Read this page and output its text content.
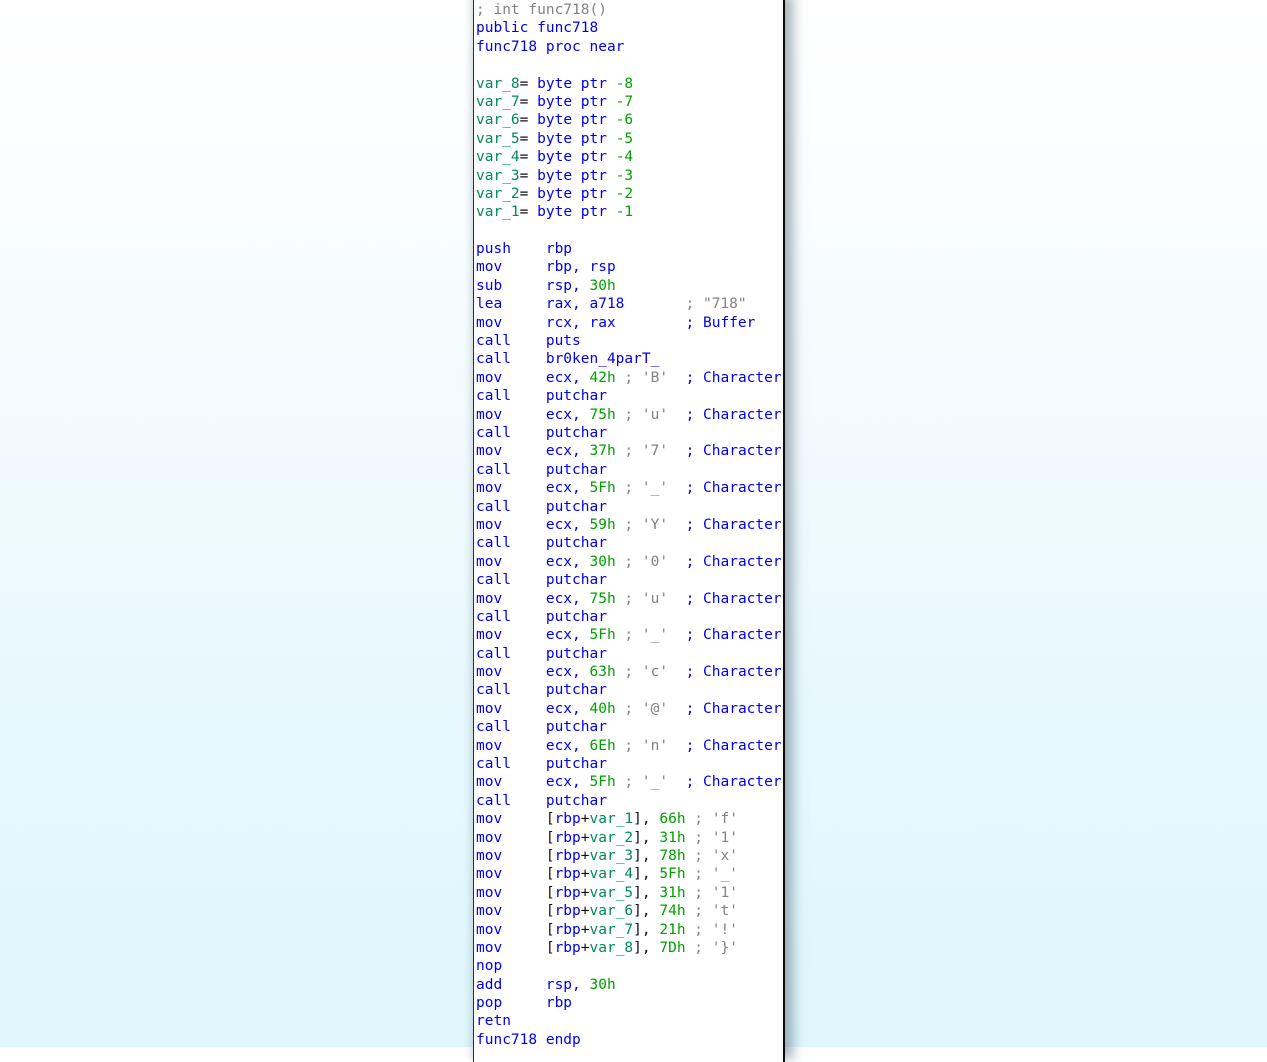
; int func718()
public func718
func718 proc near

var_8= byte ptr -8
var_7= byte ptr -7
var_6= byte ptr -6
var_5= byte ptr -5
var_4= byte ptr -4
var_3= byte ptr -3
var_2= byte ptr -2
var_1= byte ptr -1

push    rbp
mov     rbp, rsp
sub     rsp, 30h
lea     rax, a718	; "718"
mov     rcx, rax	; Buffer
call    puts
call    br0ken_4parT_
mov     ecx, 42h ; 'B' ; Character
call    putchar
mov     ecx, 75h ; 'u' ; Character
call    putchar
mov     ecx, 37h ; '7' ; Character
call    putchar
mov     ecx, 5Fh ; '_' ; Character
call    putchar
mov     ecx, 59h ; 'Y' ; Character
call    putchar
mov     ecx, 30h ; '0' ; Character
call    putchar
mov     ecx, 75h ; 'u' ; Character
call    putchar
mov     ecx, 5Fh ; '_' ; Character
call    putchar
mov     ecx, 63h ; 'c' ; Character
call    putchar
mov     ecx, 40h ; '@' ; Character
call    putchar
mov     ecx, 6Eh ; 'n' ; Character
call    putchar
mov     ecx, 5Fh ; '_' ; Character
call    putchar
mov     [rbp+var_1], 66h ; 'f'
mov     [rbp+var_2], 31h ; '1'
mov     [rbp+var_3], 78h ; 'x'
mov     [rbp+var_4], 5Fh ; '_'
mov     [rbp+var_5], 31h ; '1'
mov     [rbp+var_6], 74h ; 't'
mov     [rbp+var_7], 21h ; '!'
mov     [rbp+var_8], 7Dh ; '}'
nop
add     rsp, 30h
pop     rbp
retn
func718 endp
